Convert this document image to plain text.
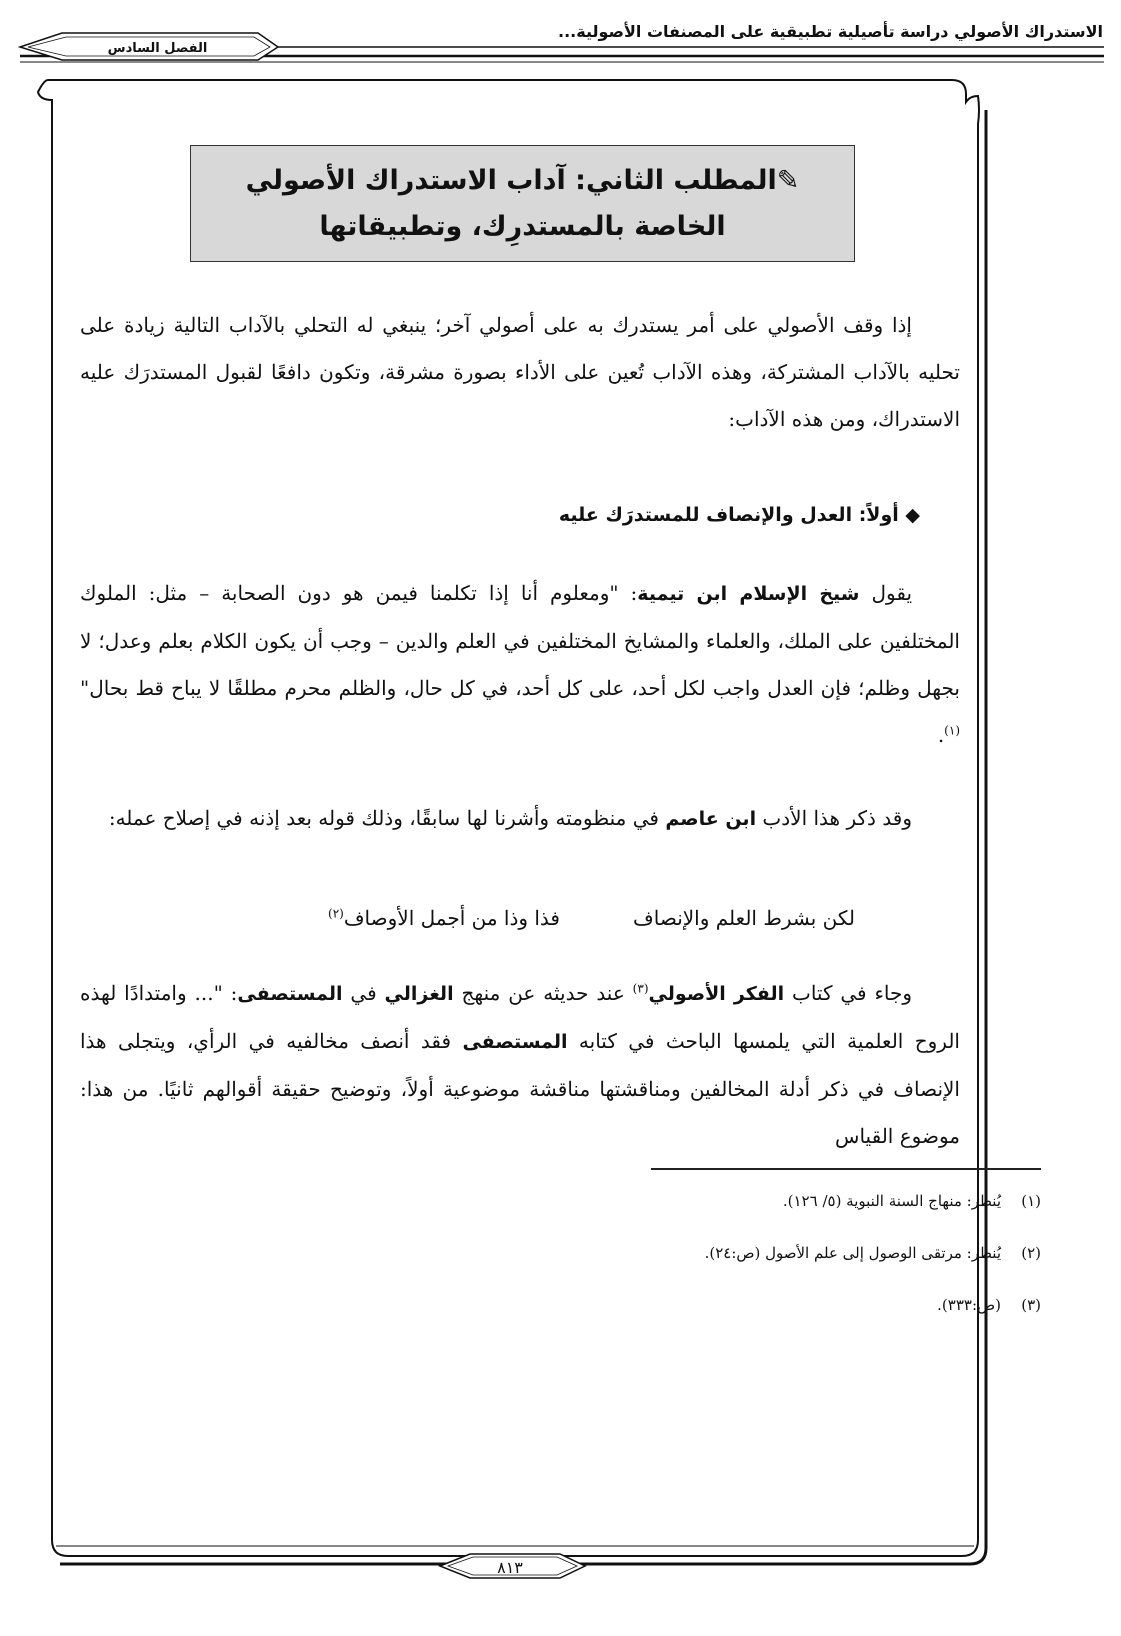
الاستدراك الأصولي دراسة تأصيلية تطبيقية على المصنفات الأصولية...
الفصل السادس
٨١٣
✎المطلب الثاني: آداب الاستدراك الأصولي
الخاصة بالمستدرِك، وتطبيقاتها

إذا وقف الأصولي على أمر يستدرك به على أصولي آخر؛ ينبغي له التحلي بالآداب التالية زيادة على تحليه بالآداب المشتركة، وهذه الآداب تُعين على الأداء بصورة مشرقة، وتكون دافعًا لقبول المستدرَك عليه الاستدراك، ومن هذه الآداب:

◆ أولاً: العدل والإنصاف للمستدرَك عليه

يقول شيخ الإسلام ابن تيمية: "ومعلوم أنا إذا تكلمنا فيمن هو دون الصحابة – مثل: الملوك المختلفين على الملك، والعلماء والمشايخ المختلفين في العلم والدين – وجب أن يكون الكلام بعلم وعدل؛ لا بجهل وظلم؛ فإن العدل واجب لكل أحد، على كل أحد، في كل حال، والظلم محرم مطلقًا لا يباح قط بحال"$^{(١)}$.

وقد ذكر هذا الأدب ابن عاصم في منظومته وأشرنا لها سابقًا، وذلك قوله بعد إذنه في إصلاح عمله:

لكن بشرط العلم والإنصاف
فذا وذا من أجمل الأوصاف$^{(٢)}$

وجاء في كتاب الفكر الأصولي$^{(٣)}$ عند حديثه عن منهج الغزالي في المستصفى: "... وامتدادًا لهذه الروح العلمية التي يلمسها الباحث في كتابه المستصفى فقد أنصف مخالفيه في الرأي، ويتجلى هذا الإنصاف في ذكر أدلة المخالفين ومناقشتها مناقشة موضوعية أولاً، وتوضيح حقيقة أقوالهم ثانيًا. من هذا: موضوع القياس

(١)يُنظر: منهاج السنة النبوية (٥/ ١٢٦).
(٢)يُنظر: مرتقى الوصول إلى علم الأصول (ص:٢٤).
(٣)(ص:٣٣٣).
